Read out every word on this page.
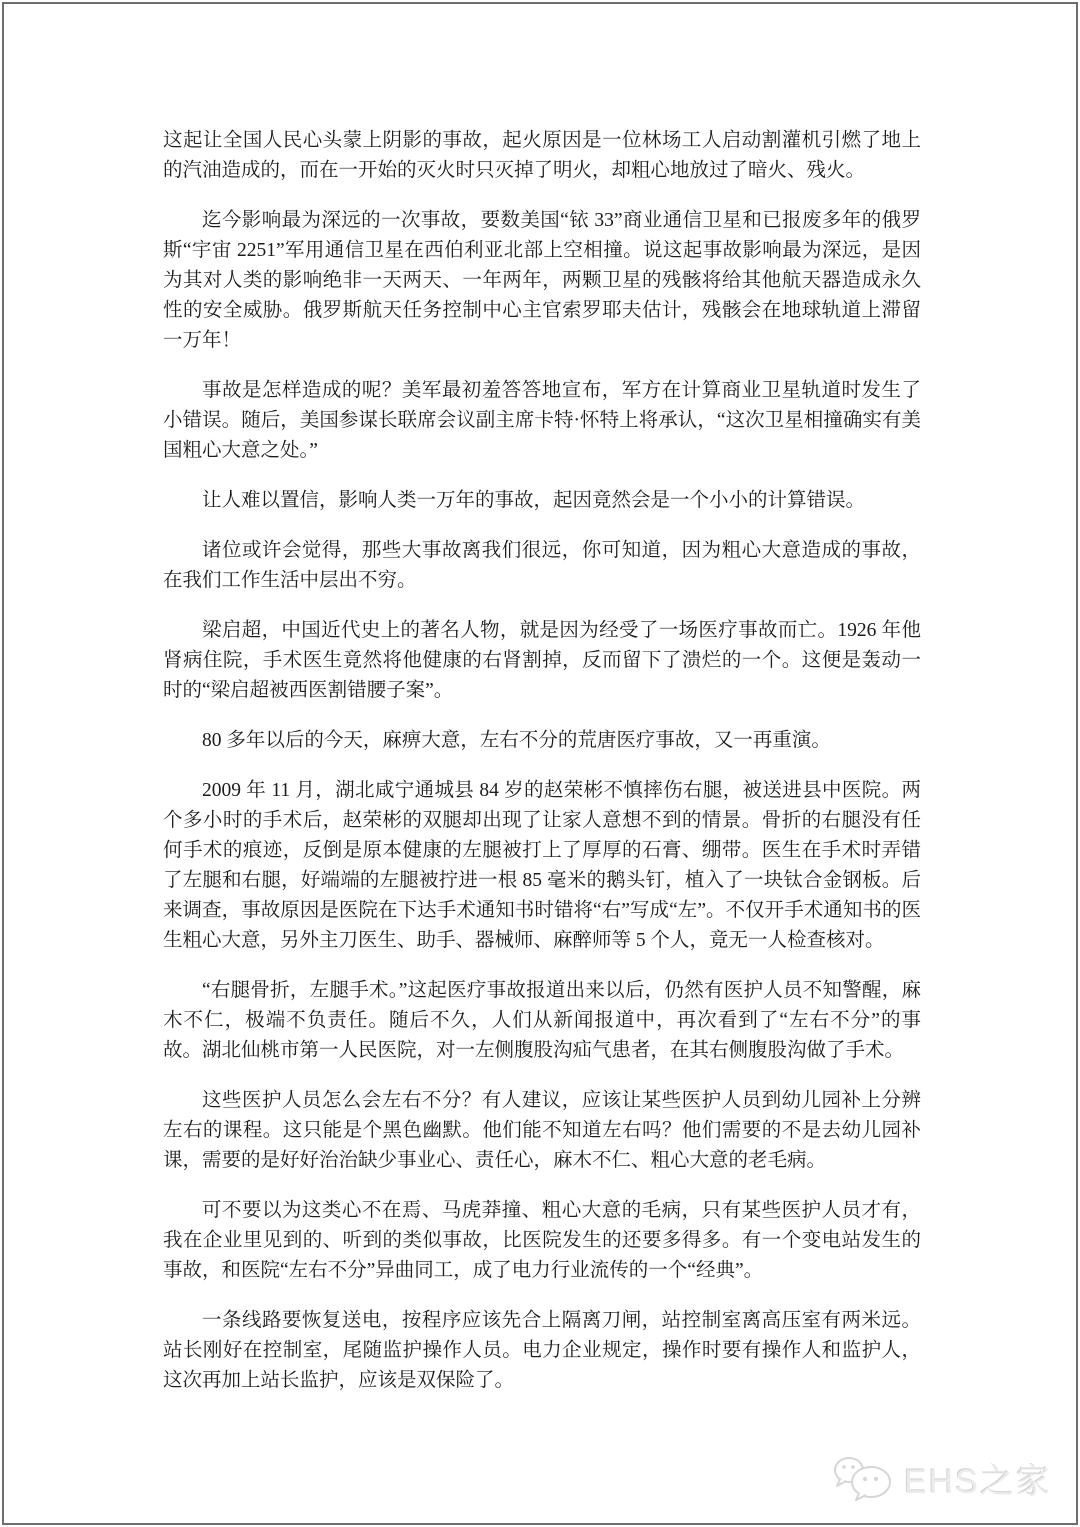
这起让全国人民心头蒙上阴影的事故，起火原因是一位林场工人启动割灌机引燃了地上的汽油造成的，而在一开始的灭火时只灭掉了明火，却粗心地放过了暗火、残火。

迄今影响最为深远的一次事故，要数美国“铱 33”商业通信卫星和已报废多年的俄罗斯“宇宙 2251”军用通信卫星在西伯利亚北部上空相撞。说这起事故影响最为深远，是因为其对人类的影响绝非一天两天、一年两年，两颗卫星的残骸将给其他航天器造成永久性的安全威胁。俄罗斯航天任务控制中心主官索罗耶夫估计，残骸会在地球轨道上滞留一万年！

事故是怎样造成的呢？美军最初羞答答地宣布，军方在计算商业卫星轨道时发生了小错误。随后，美国参谋长联席会议副主席卡特·怀特上将承认，“这次卫星相撞确实有美国粗心大意之处。”

让人难以置信，影响人类一万年的事故，起因竟然会是一个小小的计算错误。

诸位或许会觉得，那些大事故离我们很远，你可知道，因为粗心大意造成的事故，在我们工作生活中层出不穷。

梁启超，中国近代史上的著名人物，就是因为经受了一场医疗事故而亡。1926 年他肾病住院，手术医生竟然将他健康的右肾割掉，反而留下了溃烂的一个。这便是轰动一时的“梁启超被西医割错腰子案”。

80 多年以后的今天，麻痹大意，左右不分的荒唐医疗事故，又一再重演。

2009 年 11 月，湖北咸宁通城县 84 岁的赵荣彬不慎摔伤右腿，被送进县中医院。两个多小时的手术后，赵荣彬的双腿却出现了让家人意想不到的情景。骨折的右腿没有任何手术的痕迹，反倒是原本健康的左腿被打上了厚厚的石膏、绷带。医生在手术时弄错了左腿和右腿，好端端的左腿被拧进一根 85 毫米的鹅头钉，植入了一块钛合金钢板。后来调查，事故原因是医院在下达手术通知书时错将“右”写成“左”。不仅开手术通知书的医生粗心大意，另外主刀医生、助手、器械师、麻醉师等 5 个人，竟无一人检查核对。

“右腿骨折，左腿手术。”这起医疗事故报道出来以后，仍然有医护人员不知警醒，麻木不仁，极端不负责任。随后不久，人们从新闻报道中，再次看到了“左右不分”的事故。湖北仙桃市第一人民医院，对一左侧腹股沟疝气患者，在其右侧腹股沟做了手术。

这些医护人员怎么会左右不分？有人建议，应该让某些医护人员到幼儿园补上分辨左右的课程。这只能是个黑色幽默。他们能不知道左右吗？他们需要的不是去幼儿园补课，需要的是好好治治缺少事业心、责任心，麻木不仁、粗心大意的老毛病。

可不要以为这类心不在焉、马虎莽撞、粗心大意的毛病，只有某些医护人员才有，我在企业里见到的、听到的类似事故，比医院发生的还要多得多。有一个变电站发生的事故，和医院“左右不分”异曲同工，成了电力行业流传的一个“经典”。

一条线路要恢复送电，按程序应该先合上隔离刀闸，站控制室离高压室有两米远。站长刚好在控制室，尾随监护操作人员。电力企业规定，操作时要有操作人和监护人，这次再加上站长监护，应该是双保险了。

EHS之家
